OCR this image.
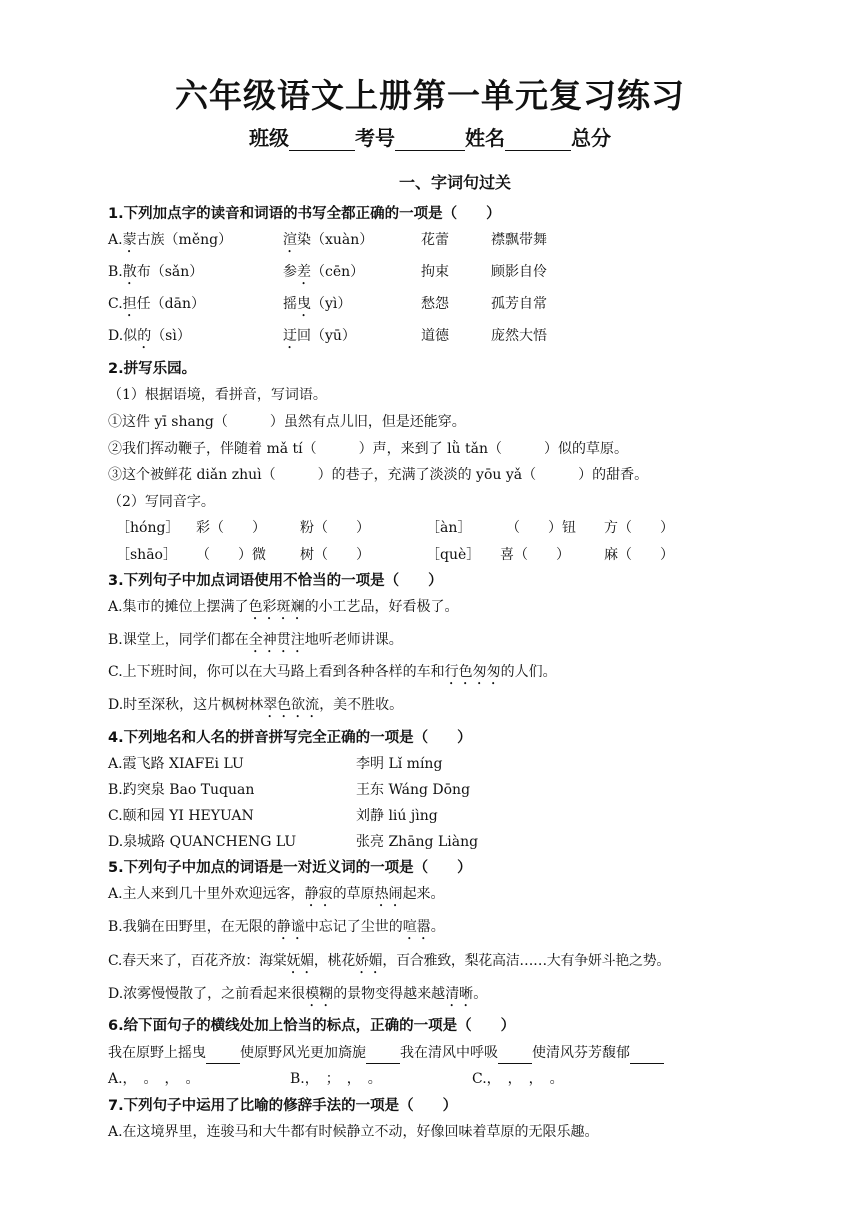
六年级语文上册第一单元复习练习
班级	考号	姓名	总分
一、字词句过关
1.下列加点字的读音和词语的书写全都正确的一项是（　　）
A.蒙古族（měng）	渲染（xuàn）	花蕾	襟飘带舞
B.散布（sǎn）	参差（cēn）	拘束	顾影自伶
C.担任（dān）	摇曳（yì）	愁怨	孤芳自常
D.似的（sì）	迂回（yū）	道德	庞然大悟
2.拼写乐园。
（1）根据语境，看拼音，写词语。
①这件 yī shang（　　　）虽然有点儿旧，但是还能穿。
②我们挥动鞭子，伴随着 mǎ tí（　　　）声，来到了 lǜ tǎn（　　　）似的草原。
③这个被鲜花 diǎn zhuì（　　　）的巷子，充满了淡淡的 yōu yǎ（　　　）的甜香。
（2）写同音字。
［hóng］ 彩（　　） 粉（　　）	［àn］ （　　）钮 方（　　）
［shāo］ （　　）微 树（　　）	［què］ 喜（　　） 麻（　　）
3.下列句子中加点词语使用不恰当的一项是（　　）
A.集市的摊位上摆满了色彩斑斓的小工艺品，好看极了。
B.课堂上，同学们都在全神贯注地听老师讲课。
C.上下班时间，你可以在大马路上看到各种各样的车和行色匆匆的人们。
D.时至深秋，这片枫树林翠色欲流，美不胜收。
4.下列地名和人名的拼音拼写完全正确的一项是（　　）
A.霞飞路 XIAFEi LU	李明 Lǐ míng
B.趵突泉 Bao Tuquan	王东 Wáng Dōng
C.颐和园 YI HEYUAN	刘静 liú jìng
D.泉城路 QUANCHENG LU	张亮 Zhāng Liàng
5.下列句子中加点的词语是一对近义词的一项是（　　）
A.主人来到几十里外欢迎远客，静寂的草原热闹起来。
B.我躺在田野里，在无限的静谧中忘记了尘世的喧嚣。
C.春天来了，百花齐放：海棠妩媚，桃花娇媚，百合雅致，梨花高洁……大有争妍斗艳之势。
D.浓雾慢慢散了，之前看起来很模糊的景物变得越来越清晰。
6.给下面句子的横线处加上恰当的标点，正确的一项是（　　）
我在原野上摇曳 使原野风光更加旖旎 我在清风中呼吸 使清风芬芳馥郁
A.，　。　，　。	B.，　；　，　。	C.，　，　，　。
7.下列句子中运用了比喻的修辞手法的一项是（　　）
A.在这境界里，连骏马和大牛都有时候静立不动，好像回味着草原的无限乐趣。
